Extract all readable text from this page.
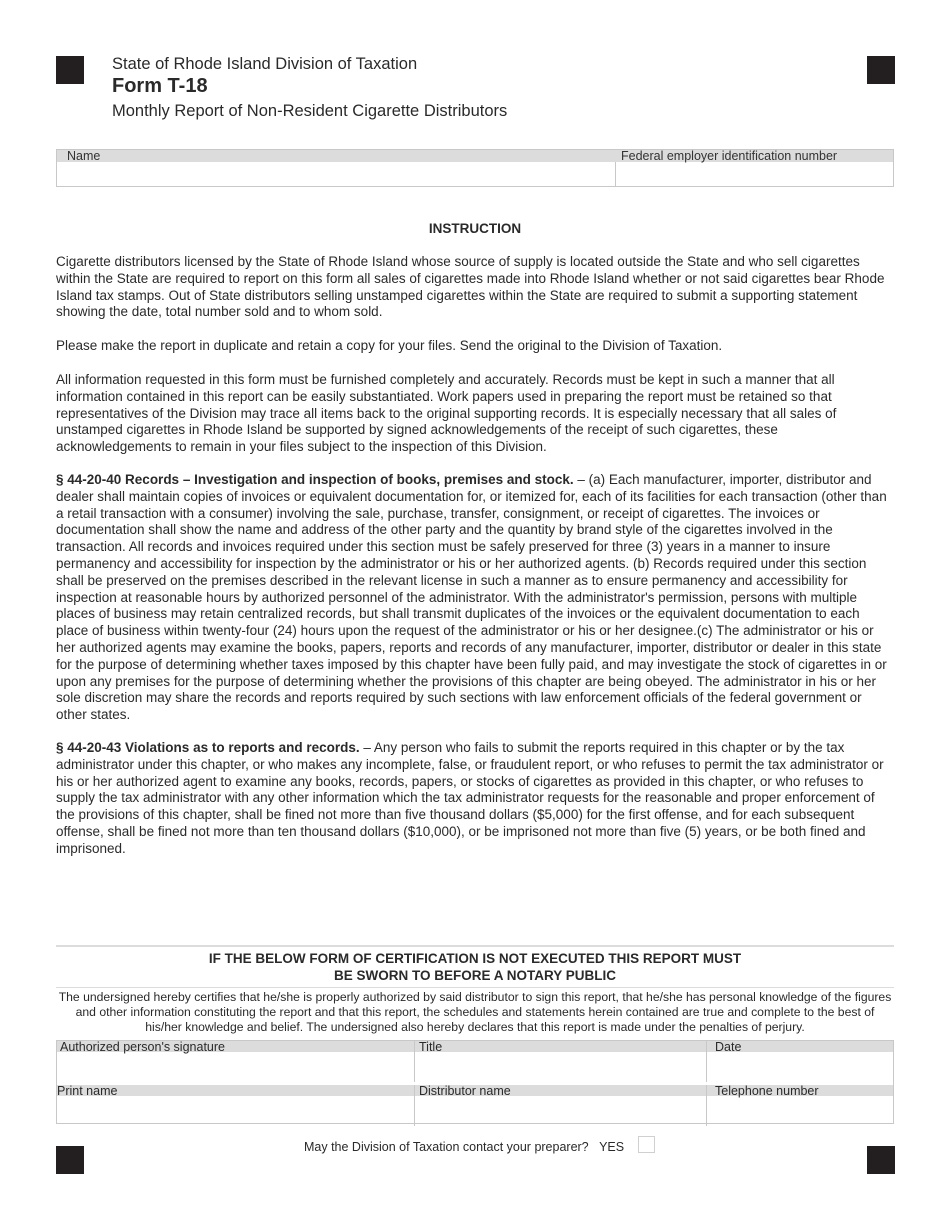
State of Rhode Island Division of Taxation
Form T-18
Monthly Report of Non-Resident Cigarette Distributors
Name	Federal employer identification number
INSTRUCTION

Cigarette distributors licensed by the State of Rhode Island whose source of supply is located outside the State and who sell cigarettes within the State are required to report on this form all sales of cigarettes made into Rhode Island whether or not said cigarettes bear Rhode Island tax stamps. Out of State distributors selling unstamped cigarettes within the State are required to submit a supporting statement showing the date, total number sold and to whom sold.

Please make the report in duplicate and retain a copy for your files. Send the original to the Division of Taxation.

All information requested in this form must be furnished completely and accurately. Records must be kept in such a manner that all information contained in this report can be easily substantiated. Work papers used in preparing the report must be retained so that representatives of the Division may trace all items back to the original supporting records. It is especially necessary that all sales of unstamped cigarettes in Rhode Island be supported by signed acknowledgements of the receipt of such cigarettes, these acknowledgements to remain in your files subject to the inspection of this Division.

§ 44-20-40 Records – Investigation and inspection of books, premises and stock. – (a) Each manufacturer, importer, distributor and dealer shall maintain copies of invoices or equivalent documentation for, or itemized for, each of its facilities for each transaction (other than a retail transaction with a consumer) involving the sale, purchase, transfer, consignment, or receipt of cigarettes. The invoices or documentation shall show the name and address of the other party and the quantity by brand style of the cigarettes involved in the transaction. All records and invoices required under this section must be safely preserved for three (3) years in a manner to insure permanency and accessibility for inspection by the administrator or his or her authorized agents. (b) Records required under this section shall be preserved on the premises described in the relevant license in such a manner as to ensure permanency and accessibility for inspection at reasonable hours by authorized personnel of the administrator. With the administrator's permission, persons with multiple places of business may retain centralized records, but shall transmit duplicates of the invoices or the equivalent documentation to each place of business within twenty-four (24) hours upon the request of the administrator or his or her designee.(c) The administrator or his or her authorized agents may examine the books, papers, reports and records of any manufacturer, importer, distributor or dealer in this state for the purpose of determining whether taxes imposed by this chapter have been fully paid, and may investigate the stock of cigarettes in or upon any premises for the purpose of determining whether the provisions of this chapter are being obeyed. The administrator in his or her sole discretion may share the records and reports required by such sections with law enforcement officials of the federal government or other states.

§ 44-20-43 Violations as to reports and records. – Any person who fails to submit the reports required in this chapter or by the tax administrator under this chapter, or who makes any incomplete, false, or fraudulent report, or who refuses to permit the tax administrator or his or her authorized agent to examine any books, records, papers, or stocks of cigarettes as provided in this chapter, or who refuses to supply the tax administrator with any other information which the tax administrator requests for the reasonable and proper enforcement of the provisions of this chapter, shall be fined not more than five thousand dollars ($5,000) for the first offense, and for each subsequent offense, shall be fined not more than ten thousand dollars ($10,000), or be imprisoned not more than five (5) years, or be both fined and imprisoned.

IF THE BELOW FORM OF CERTIFICATION IS NOT EXECUTED THIS REPORT MUST
BE SWORN TO BEFORE A NOTARY PUBLIC
The undersigned hereby certifies that he/she is properly authorized by said distributor to sign this report, that he/she has personal knowledge of the figures and other information constituting the report and that this report, the schedules and statements herein contained are true and complete to the best of his/her knowledge and belief. The undersigned also hereby declares that this report is made under the penalties of perjury.
Authorized person's signature	Title	Date
Print name	Distributor name	Telephone number
May the Division of Taxation contact your preparer? YES
